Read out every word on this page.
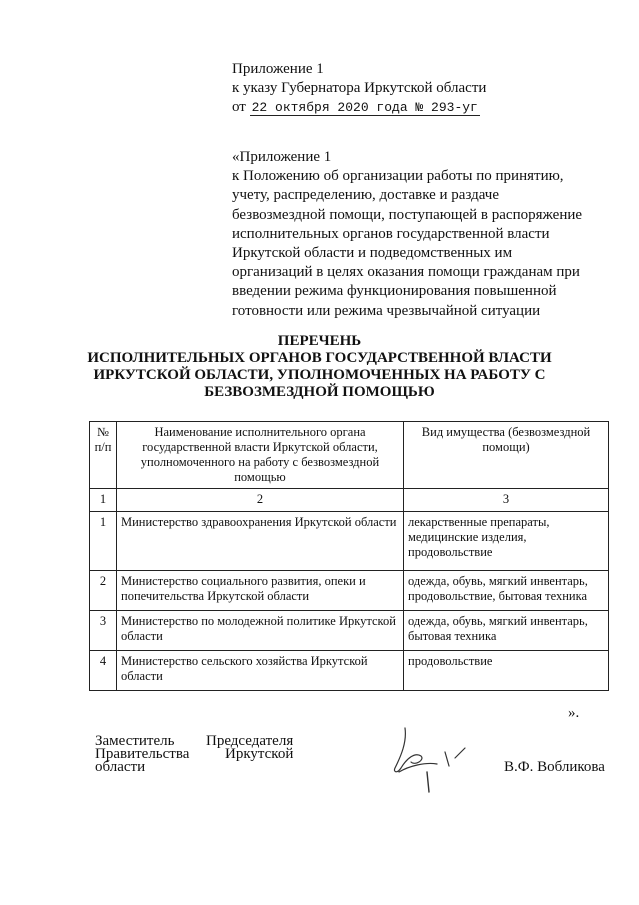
Приложение 1
к указу Губернатора Иркутской области
от 22 октября 2020 года № 293-уг
«Приложение 1
к Положению об организации работы по принятию,
учету, распределению, доставке и раздаче
безвозмездной помощи, поступающей в распоряжение
исполнительных органов государственной власти
Иркутской области и подведомственных им
организаций в целях оказания помощи гражданам при
введении режима функционирования повышенной
готовности или режима чрезвычайной ситуации
ПЕРЕЧЕНЬ
ИСПОЛНИТЕЛЬНЫХ ОРГАНОВ ГОСУДАРСТВЕННОЙ ВЛАСТИ
ИРКУТСКОЙ ОБЛАСТИ, УПОЛНОМОЧЕННЫХ НА РАБОТУ С
БЕЗВОЗМЕЗДНОЙ ПОМОЩЬЮ
№ п/п	Наименование исполнительного органа государственной власти Иркутской области, уполномоченного на работу с безвозмездной помощью	Вид имущества (безвозмездной помощи)
1	2	3
1	Министерство здравоохранения Иркутской области	лекарственные препараты, медицинские изделия, продовольствие
2	Министерство социального развития, опеки и попечительства Иркутской области	одежда, обувь, мягкий инвентарь, продовольствие, бытовая техника
3	Министерство по молодежной политике Иркутской области	одежда, обувь, мягкий инвентарь, бытовая техника
4	Министерство сельского хозяйства Иркутской области	продовольствие
».
Заместитель
Правительства
области
Председателя
Иркутской
В.Ф. Вобликова
